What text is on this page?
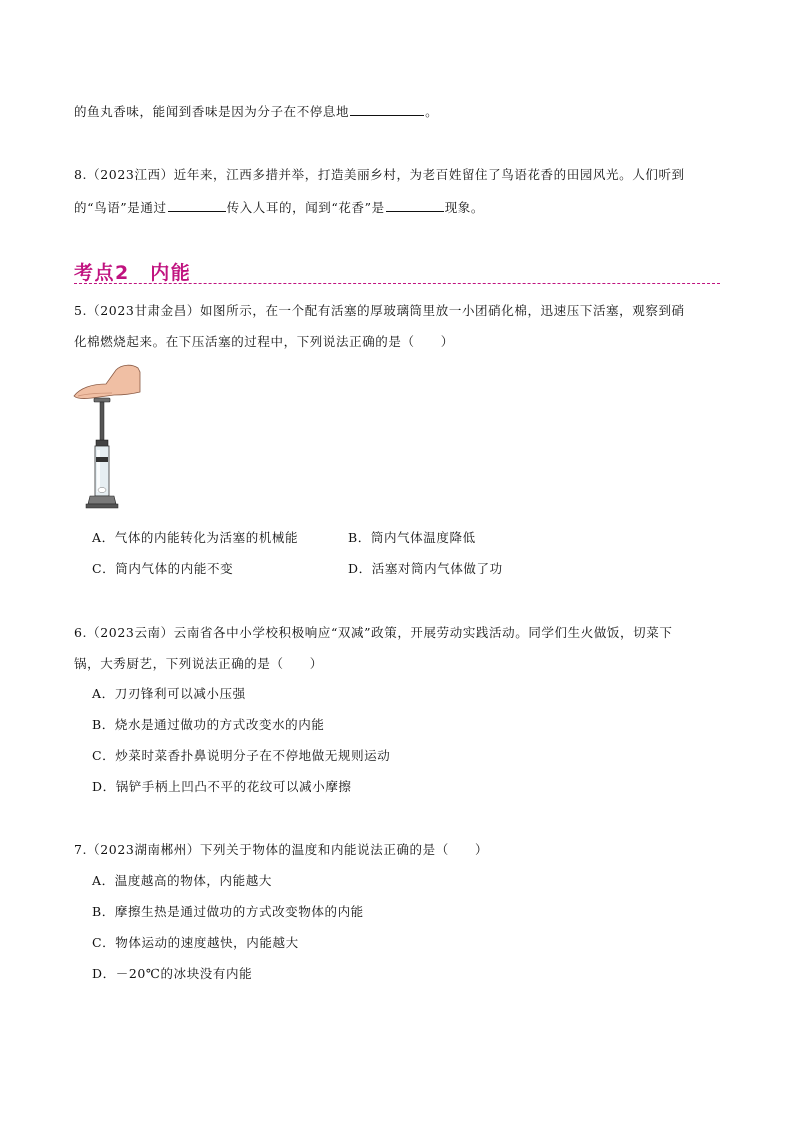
的鱼丸香味，能闻到香味是因为分子在不停息地	。
8.（2023江西）近年来，江西多措并举，打造美丽乡村，为老百姓留住了鸟语花香的田园风光。人们听到
的“鸟语”是通过	传入人耳的，闻到“花香”是	现象。
考点2　内能
5.（2023甘肃金昌）如图所示，在一个配有活塞的厚玻璃筒里放一小团硝化棉，迅速压下活塞，观察到硝
化棉燃烧起来。在下压活塞的过程中，下列说法正确的是（　　）
A．气体的内能转化为活塞的机械能	B．筒内气体温度降低
C．筒内气体的内能不变	D．活塞对筒内气体做了功
6.（2023云南）云南省各中小学校积极响应“双减”政策，开展劳动实践活动。同学们生火做饭，切菜下
锅，大秀厨艺，下列说法正确的是（　　）
A．刀刃锋利可以减小压强
B．烧水是通过做功的方式改变水的内能
C．炒菜时菜香扑鼻说明分子在不停地做无规则运动
D．锅铲手柄上凹凸不平的花纹可以减小摩擦
7.（2023湖南郴州）下列关于物体的温度和内能说法正确的是（　　）
A．温度越高的物体，内能越大
B．摩擦生热是通过做功的方式改变物体的内能
C．物体运动的速度越快，内能越大
D．－20℃的冰块没有内能
